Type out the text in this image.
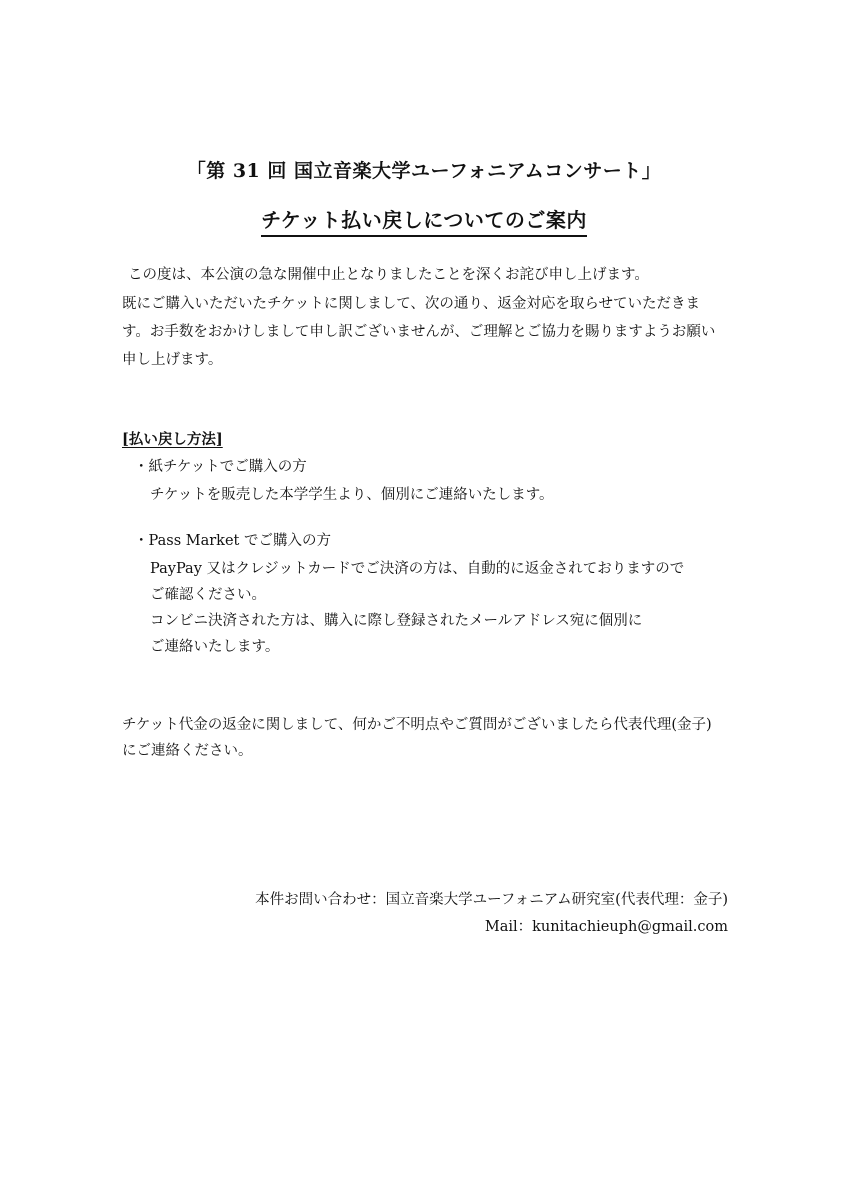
「第 31 回 国立音楽大学ユーフォニアムコンサート」
チケット払い戻しについてのご案内
この度は、本公演の急な開催中止となりましたことを深くお詫び申し上げます。
既にご購入いただいたチケットに関しまして、次の通り、返金対応を取らせていただきま
す。お手数をおかけしまして申し訳ございませんが、ご理解とご協力を賜りますようお願い
申し上げます。
[払い戻し方法]
・紙チケットでご購入の方
チケットを販売した本学学生より、個別にご連絡いたします。
・Pass Market でご購入の方
PayPay 又はクレジットカードでご決済の方は、自動的に返金されておりますので
ご確認ください。
コンビニ決済された方は、購入に際し登録されたメールアドレス宛に個別に
ご連絡いたします。
チケット代金の返金に関しまして、何かご不明点やご質問がございましたら代表代理(金子)
にご連絡ください。
本件お問い合わせ：国立音楽大学ユーフォニアム研究室(代表代理：金子)
Mail：kunitachieuph@gmail.com
